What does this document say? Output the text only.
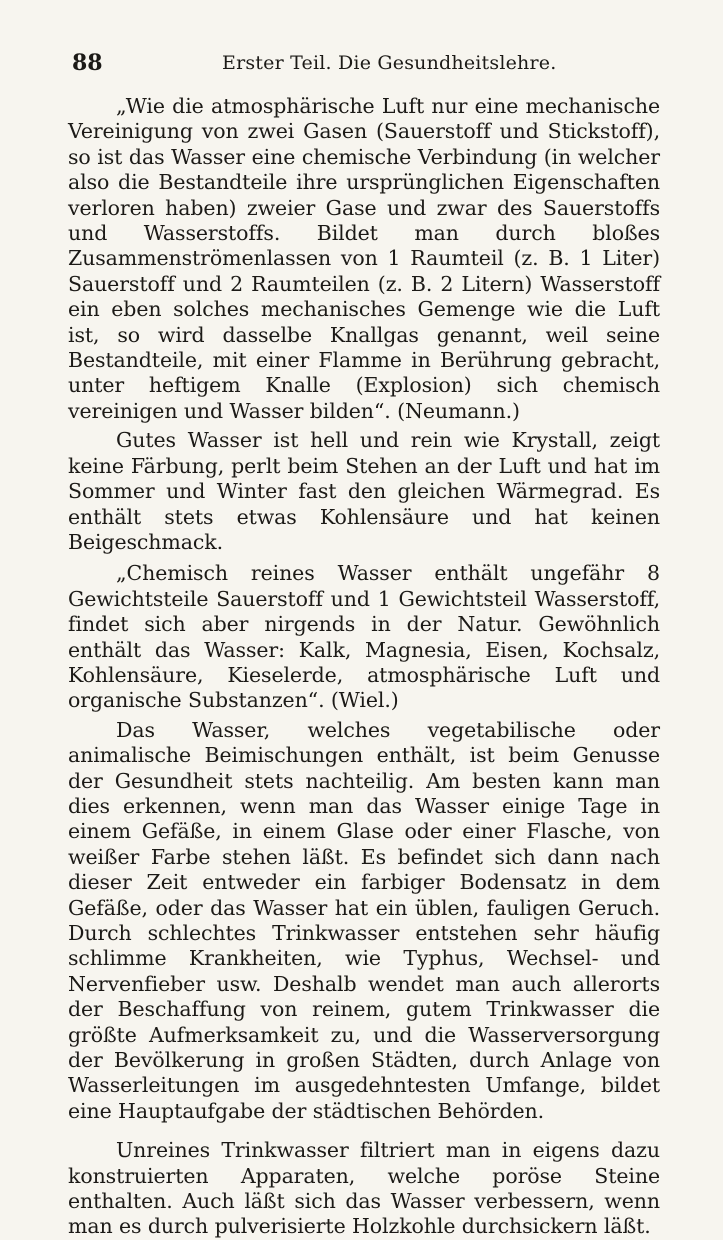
88	Erster Teil. Die Gesundheitslehre.

„Wie die atmosphärische Luft nur eine mechanische Vereinigung von zwei Gasen (Sauerstoff und Stickstoff), so ist das Wasser eine chemische Verbindung (in welcher also die Bestandteile ihre ursprünglichen Eigenschaften verloren haben) zweier Gase und zwar des Sauerstoffs und Wasserstoffs. Bildet man durch bloßes Zusammenströmenlassen von 1 Raumteil (z. B. 1 Liter) Sauerstoff und 2 Raumteilen (z. B. 2 Litern) Wasserstoff ein eben solches mechanisches Gemenge wie die Luft ist, so wird dasselbe Knallgas genannt, weil seine Bestandteile, mit einer Flamme in Berührung gebracht, unter heftigem Knalle (Explosion) sich chemisch vereinigen und Wasser bilden“. (Neumann.)

Gutes Wasser ist hell und rein wie Krystall, zeigt keine Färbung, perlt beim Stehen an der Luft und hat im Sommer und Winter fast den gleichen Wärmegrad. Es enthält stets etwas Kohlensäure und hat keinen Beigeschmack.

„Chemisch reines Wasser enthält ungefähr 8 Gewichtsteile Sauerstoff und 1 Gewichtsteil Wasserstoff, findet sich aber nirgends in der Natur. Gewöhnlich enthält das Wasser: Kalk, Magnesia, Eisen, Kochsalz, Kohlensäure, Kieselerde, atmosphärische Luft und organische Substanzen“. (Wiel.)

Das Wasser, welches vegetabilische oder animalische Beimischungen enthält, ist beim Genusse der Gesundheit stets nachteilig. Am besten kann man dies erkennen, wenn man das Wasser einige Tage in einem Gefäße, in einem Glase oder einer Flasche, von weißer Farbe stehen läßt. Es befindet sich dann nach dieser Zeit entweder ein farbiger Bodensatz in dem Gefäße, oder das Wasser hat ein üblen, fauligen Geruch. Durch schlechtes Trinkwasser entstehen sehr häufig schlimme Krankheiten, wie Typhus, Wechsel- und Nervenfieber usw. Deshalb wendet man auch allerorts der Beschaffung von reinem, gutem Trinkwasser die größte Aufmerksamkeit zu, und die Wasserversorgung der Bevölkerung in großen Städten, durch Anlage von Wasserleitungen im ausgedehntesten Umfange, bildet eine Hauptaufgabe der städtischen Behörden.

Unreines Trinkwasser filtriert man in eigens dazu konstruierten Apparaten, welche poröse Steine enthalten. Auch läßt sich das Wasser verbessern, wenn man es durch pulverisierte Holzkohle durchsickern läßt.
